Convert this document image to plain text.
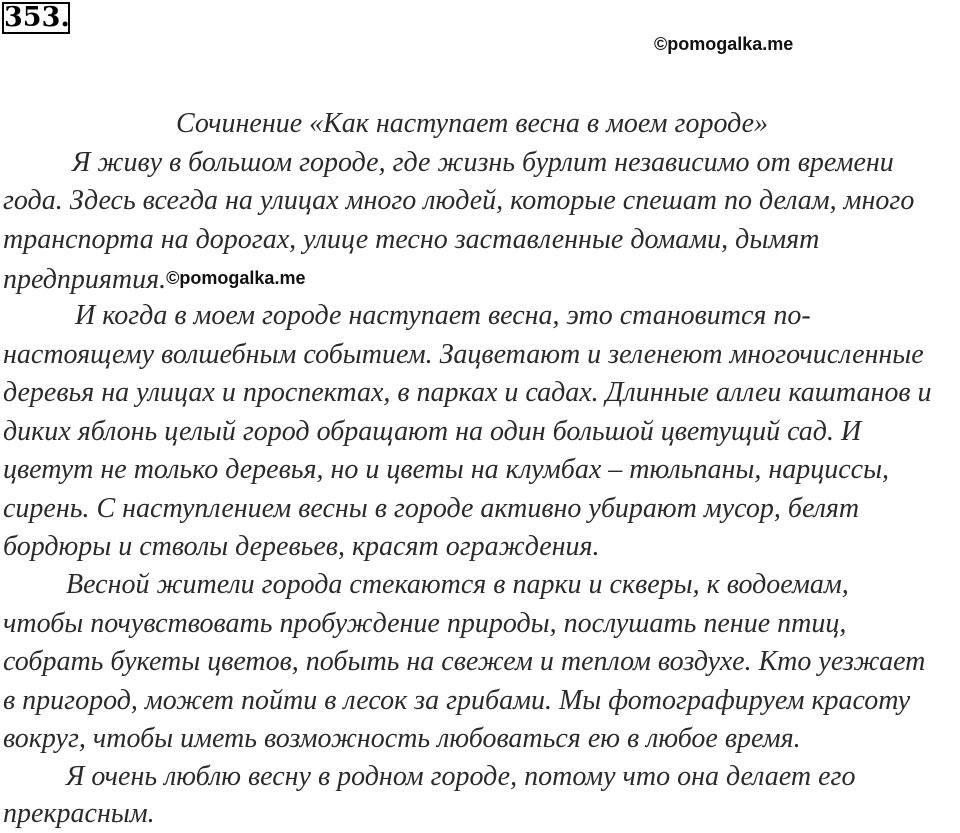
353.
©pomogalka.me
Сочинение «Как наступает весна в моем городе»
Я живу в большом городе, где жизнь бурлит независимо от времени
года. Здесь всегда на улицах много людей, которые спешат по делам, много
транспорта на дорогах, улице тесно заставленные домами, дымят
предприятия.©pomogalka.me
И когда в моем городе наступает весна, это становится по-
настоящему волшебным событием. Зацветают и зеленеют многочисленные
деревья на улицах и проспектах, в парках и садах. Длинные аллеи каштанов и
диких яблонь целый город обращают на один большой цветущий сад. И
цветут не только деревья, но и цветы на клумбах – тюльпаны, нарциссы,
сирень. С наступлением весны в городе активно убирают мусор, белят
бордюры и стволы деревьев, красят ограждения.
Весной жители города стекаются в парки и скверы, к водоемам,
чтобы почувствовать пробуждение природы, послушать пение птиц,
собрать букеты цветов, побыть на свежем и теплом воздухе. Кто уезжает
в пригород, может пойти в лесок за грибами. Мы фотографируем красоту
вокруг, чтобы иметь возможность любоваться ею в любое время.
Я очень люблю весну в родном городе, потому что она делает его
прекрасным.
